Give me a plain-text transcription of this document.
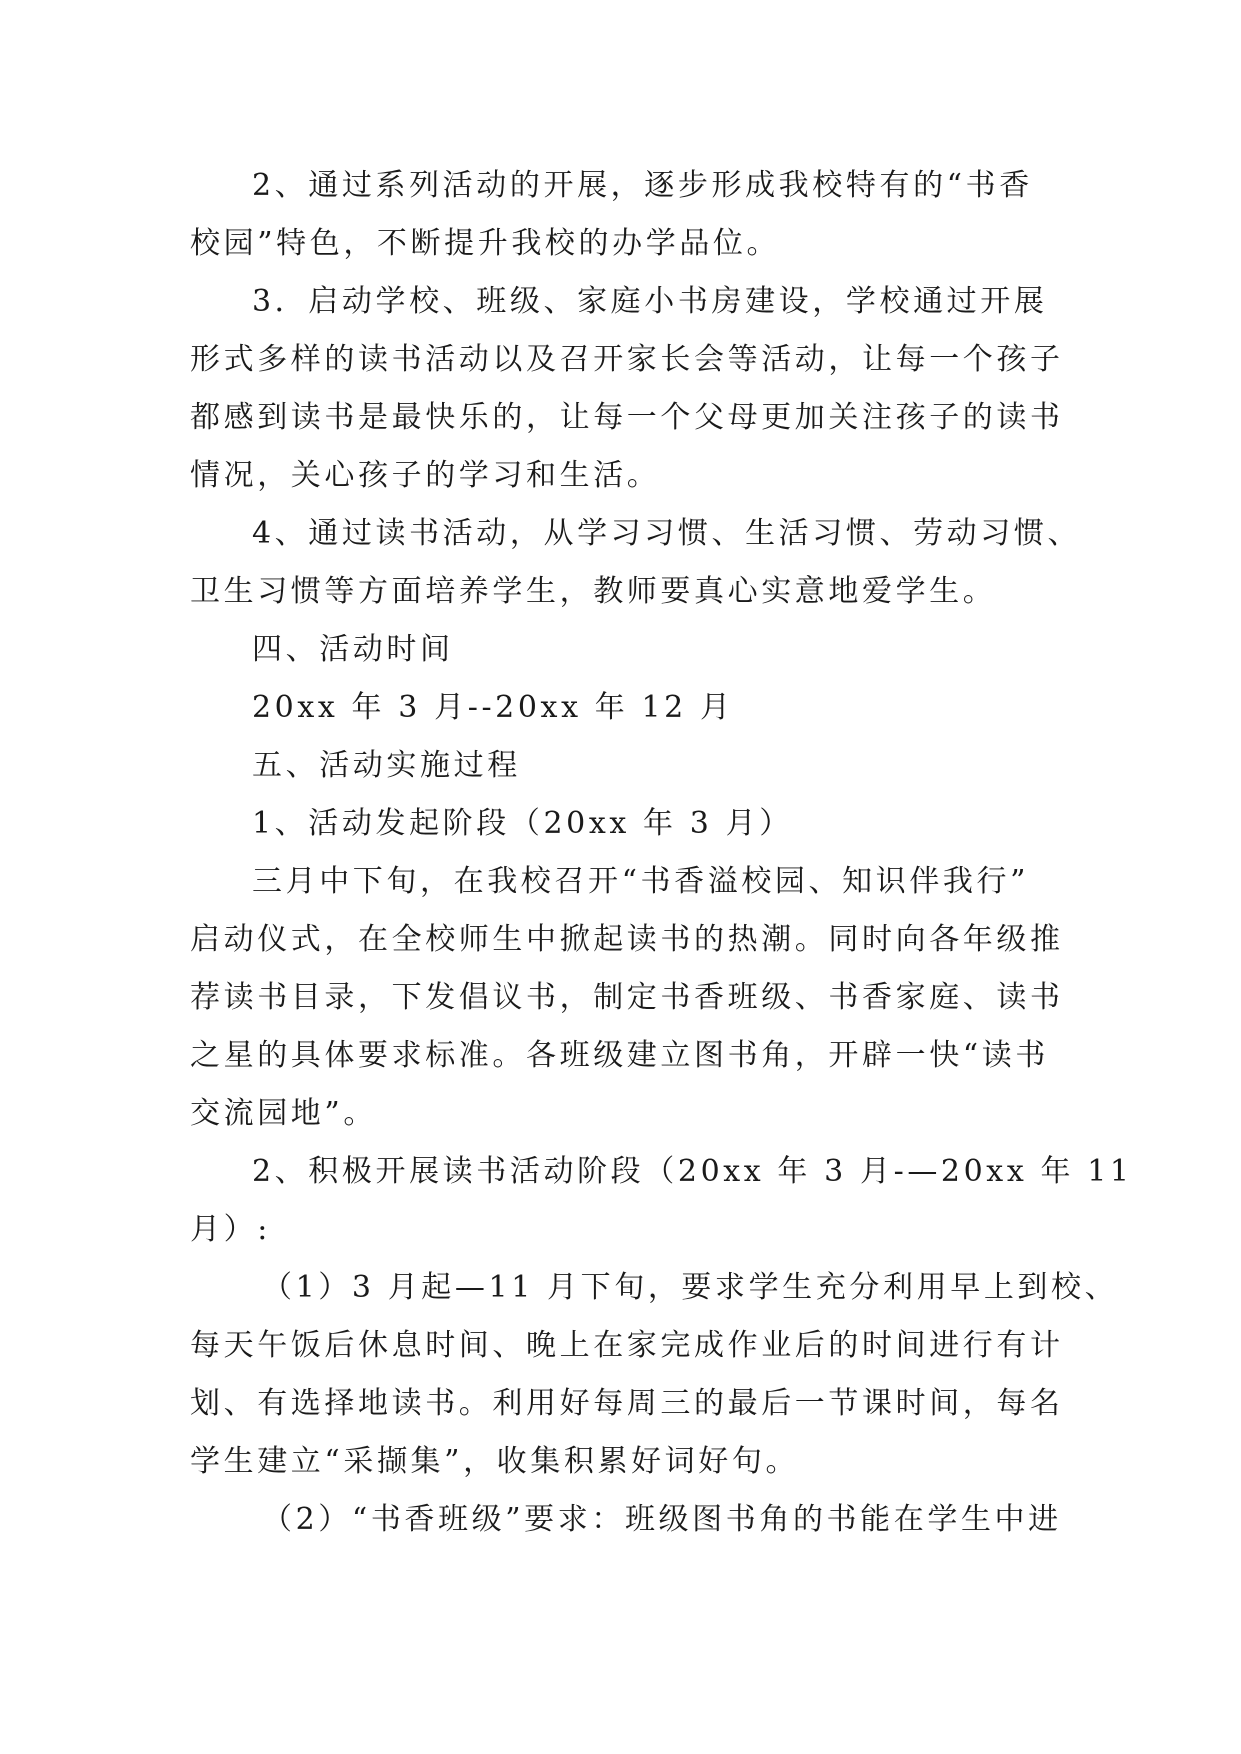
2、通过系列活动的开展，逐步形成我校特有的“书香
校园”特色，不断提升我校的办学品位。
3．启动学校、班级、家庭小书房建设，学校通过开展
形式多样的读书活动以及召开家长会等活动，让每一个孩子
都感到读书是最快乐的，让每一个父母更加关注孩子的读书
情况，关心孩子的学习和生活。
4、通过读书活动，从学习习惯、生活习惯、劳动习惯、
卫生习惯等方面培养学生，教师要真心实意地爱学生。
四、活动时间
20xx 年 3 月--20xx 年 12 月
五、活动实施过程
1、活动发起阶段（20xx 年 3 月）
三月中下旬，在我校召开“书香溢校园、知识伴我行”
启动仪式，在全校师生中掀起读书的热潮。同时向各年级推
荐读书目录，下发倡议书，制定书香班级、书香家庭、读书
之星的具体要求标准。各班级建立图书角，开辟一快“读书
交流园地”。
2、积极开展读书活动阶段（20xx 年 3 月-—20xx 年 11
月）:
（1）3 月起—11 月下旬，要求学生充分利用早上到校、
每天午饭后休息时间、晚上在家完成作业后的时间进行有计
划、有选择地读书。利用好每周三的最后一节课时间，每名
学生建立“采撷集”，收集积累好词好句。
（2）“书香班级”要求：班级图书角的书能在学生中进
